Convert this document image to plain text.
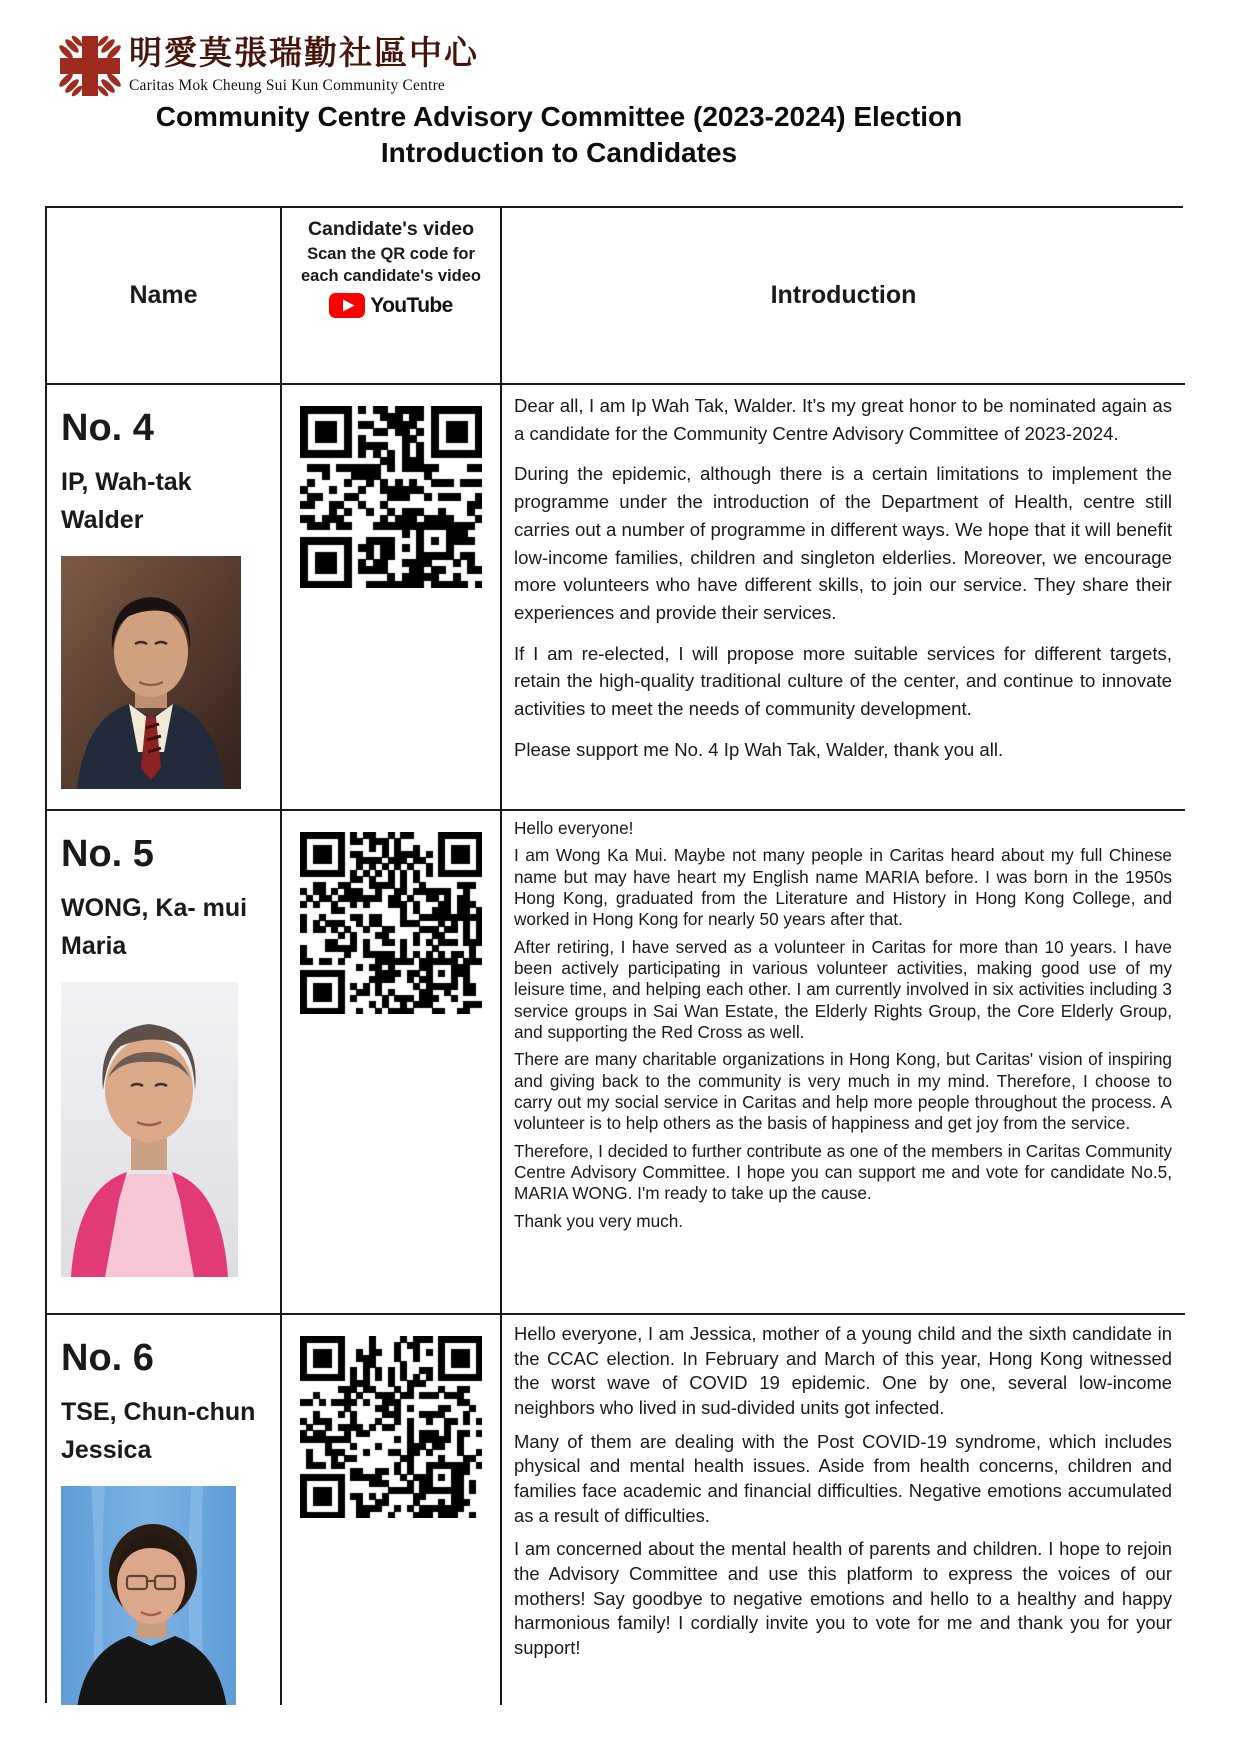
明愛莫張瑞勤社區中心
Caritas Mok Cheung Sui Kun Community Centre
Community Centre Advisory Committee (2023-2024) Election
Introduction to Candidates
Name
Candidate's video
Scan the QR code for each candidate's video
YouTube	Introduction
No. 4
IP, Wah-tak
Walder

Dear all, I am Ip Wah Tak, Walder. It’s my great honor to be nominated again as a candidate for the Community Centre Advisory Committee of 2023-2024.

During the epidemic, although there is a certain limitations to implement the programme under the introduction of the Department of Health, centre still carries out a number of programme in different ways. We hope that it will benefit low-income families, children and singleton elderlies. Moreover, we encourage more volunteers who have different skills, to join our service. They share their experiences and provide their services.

If I am re-elected, I will propose more suitable services for different targets, retain the high-quality traditional culture of the center, and continue to innovate activities to meet the needs of community development.

Please support me No. 4 Ip Wah Tak, Walder, thank you all.

No. 5
WONG, Ka- mui
Maria

Hello everyone!

I am Wong Ka Mui. Maybe not many people in Caritas heard about my full Chinese name but may have heart my English name MARIA before. I was born in the 1950s Hong Kong, graduated from the Literature and History in Hong Kong College, and worked in Hong Kong for nearly 50 years after that.

After retiring, I have served as a volunteer in Caritas for more than 10 years. I have been actively participating in various volunteer activities, making good use of my leisure time, and helping each other. I am currently involved in six activities including 3 service groups in Sai Wan Estate, the Elderly Rights Group, the Core Elderly Group, and supporting the Red Cross as well.

There are many charitable organizations in Hong Kong, but Caritas' vision of inspiring and giving back to the community is very much in my mind. Therefore, I choose to carry out my social service in Caritas and help more people throughout the process. A volunteer is to help others as the basis of happiness and get joy from the service.

Therefore, I decided to further contribute as one of the members in Caritas Community Centre Advisory Committee. I hope you can support me and vote for candidate No.5, MARIA WONG. I'm ready to take up the cause.

Thank you very much.

No. 6
TSE, Chun-chun
Jessica

Hello everyone, I am Jessica, mother of a young child and the sixth candidate in the CCAC election. In February and March of this year, Hong Kong witnessed the worst wave of COVID 19 epidemic. One by one, several low-income neighbors who lived in sud-divided units got infected.

Many of them are dealing with the Post COVID-19 syndrome, which includes physical and mental health issues. Aside from health concerns, children and families face academic and financial difficulties. Negative emotions accumulated as a result of difficulties.

I am concerned about the mental health of parents and children. I hope to rejoin the Advisory Committee and use this platform to express the voices of our mothers! Say goodbye to negative emotions and hello to a healthy and happy harmonious family! I cordially invite you to vote for me and thank you for your support!
